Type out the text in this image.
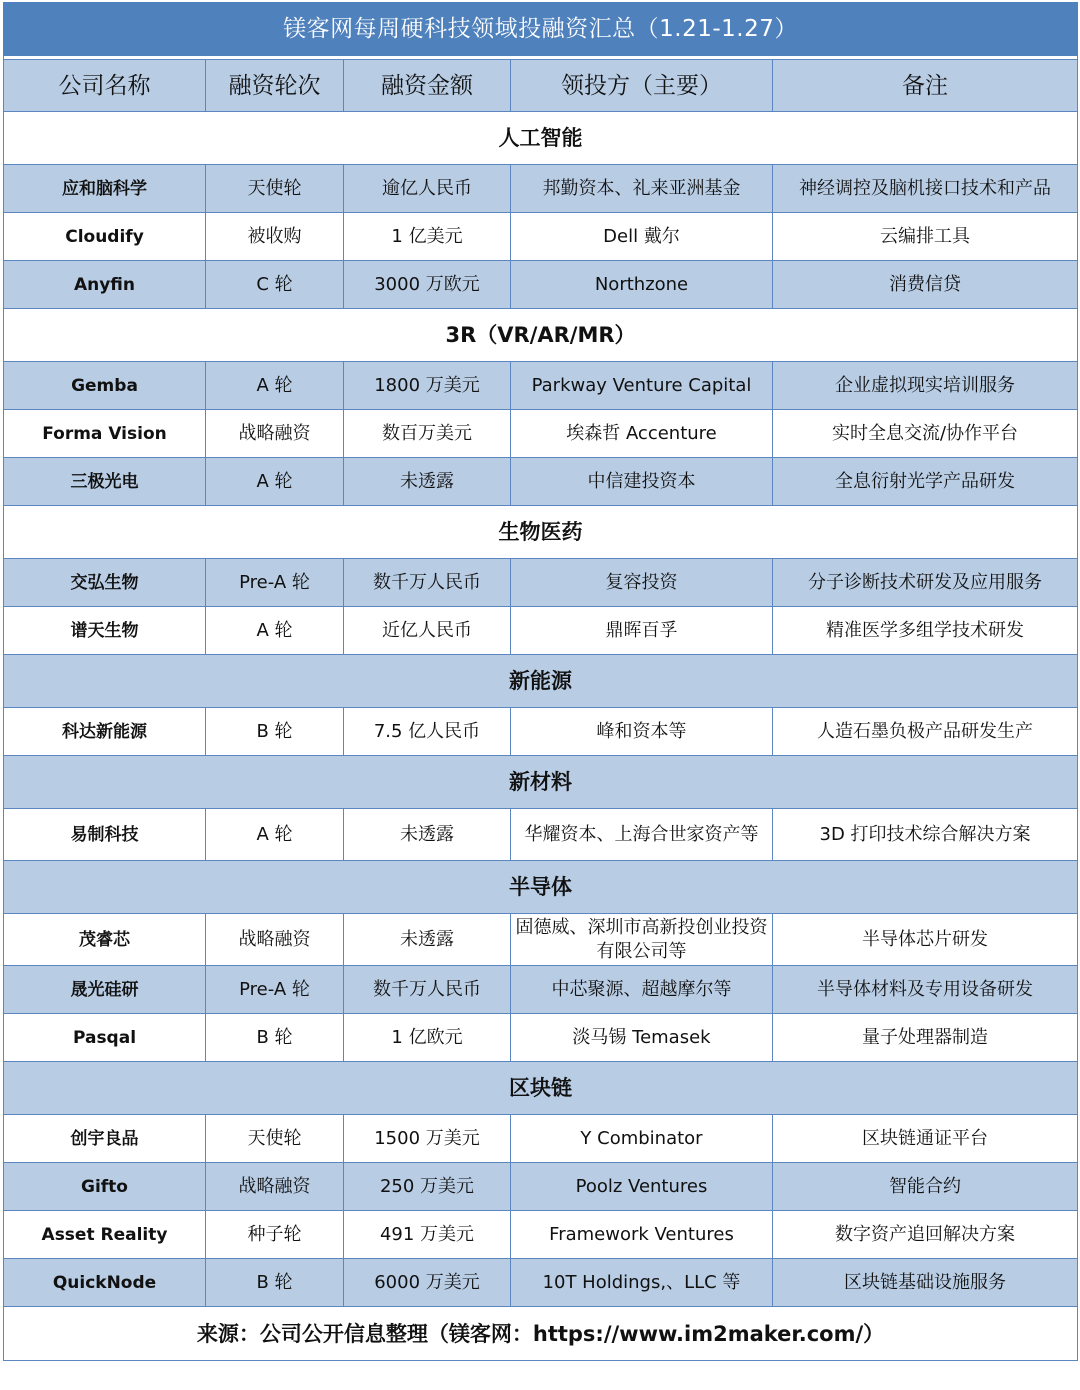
镁客网每周硬科技领域投融资汇总（1.21-1.27）				

公司名称	融资轮次	融资金额	领投方（主要）	备注
人工智能				
应和脑科学	天使轮	逾亿人民币	邦勤资本、礼来亚洲基金	神经调控及脑机接口技术和产品
Cloudify	被收购	1 亿美元	Dell 戴尔	云编排工具
Anyfin	C 轮	3000 万欧元	Northzone	消费信贷
3R（VR/AR/MR）				
Gemba	A 轮	1800 万美元	Parkway Venture Capital	企业虚拟现实培训服务
Forma Vision	战略融资	数百万美元	埃森哲 Accenture	实时全息交流/协作平台
三极光电	A 轮	未透露	中信建投资本	全息衍射光学产品研发
生物医药				
交弘生物	Pre-A 轮	数千万人民币	复容投资	分子诊断技术研发及应用服务
谱天生物	A 轮	近亿人民币	鼎晖百孚	精准医学多组学技术研发
新能源				
科达新能源	B 轮	7.5 亿人民币	峰和资本等	人造石墨负极产品研发生产
新材料				
易制科技	A 轮	未透露	华耀资本、上海合世家资产等	3D 打印技术综合解决方案
半导体				
茂睿芯	战略融资	未透露	固德威、深圳市高新投创业投资有限公司等	半导体芯片研发
晟光硅研	Pre-A 轮	数千万人民币	中芯聚源、超越摩尔等	半导体材料及专用设备研发
Pasqal	B 轮	1 亿欧元	淡马锡 Temasek	量子处理器制造
区块链				
创宇良品	天使轮	1500 万美元	Y Combinator	区块链通证平台
Gifto	战略融资	250 万美元	Poolz Ventures	智能合约
Asset Reality	种子轮	491 万美元	Framework Ventures	数字资产追回解决方案
QuickNode	B 轮	6000 万美元	10T Holdings,、LLC 等	区块链基础设施服务
来源：公司公开信息整理（镁客网：https://www.im2maker.com/）				
